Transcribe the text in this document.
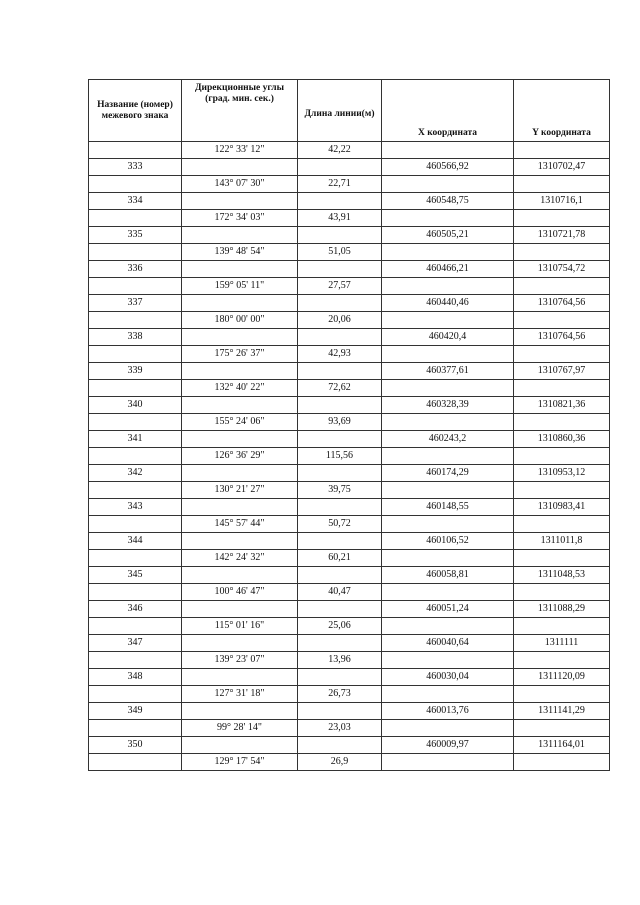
Название (номер) межевого знака	Дирекционные углы (град. мин. сек.)	Длина линии(м)	X координата	Y координата
	122° 33' 12"	42,22		
333			460566,92	1310702,47
	143° 07' 30"	22,71		
334			460548,75	1310716,1
	172° 34' 03"	43,91		
335			460505,21	1310721,78
	139° 48' 54"	51,05		
336			460466,21	1310754,72
	159° 05' 11"	27,57		
337			460440,46	1310764,56
	180° 00' 00"	20,06		
338			460420,4	1310764,56
	175° 26' 37"	42,93		
339			460377,61	1310767,97
	132° 40' 22"	72,62		
340			460328,39	1310821,36
	155° 24' 06"	93,69		
341			460243,2	1310860,36
	126° 36' 29"	115,56		
342			460174,29	1310953,12
	130° 21' 27"	39,75		
343			460148,55	1310983,41
	145° 57' 44"	50,72		
344			460106,52	1311011,8
	142° 24' 32"	60,21		
345			460058,81	1311048,53
	100° 46' 47"	40,47		
346			460051,24	1311088,29
	115° 01' 16"	25,06		
347			460040,64	1311111
	139° 23' 07"	13,96		
348			460030,04	1311120,09
	127° 31' 18"	26,73		
349			460013,76	1311141,29
	99° 28' 14"	23,03		
350			460009,97	1311164,01
	129° 17' 54"	26,9		
